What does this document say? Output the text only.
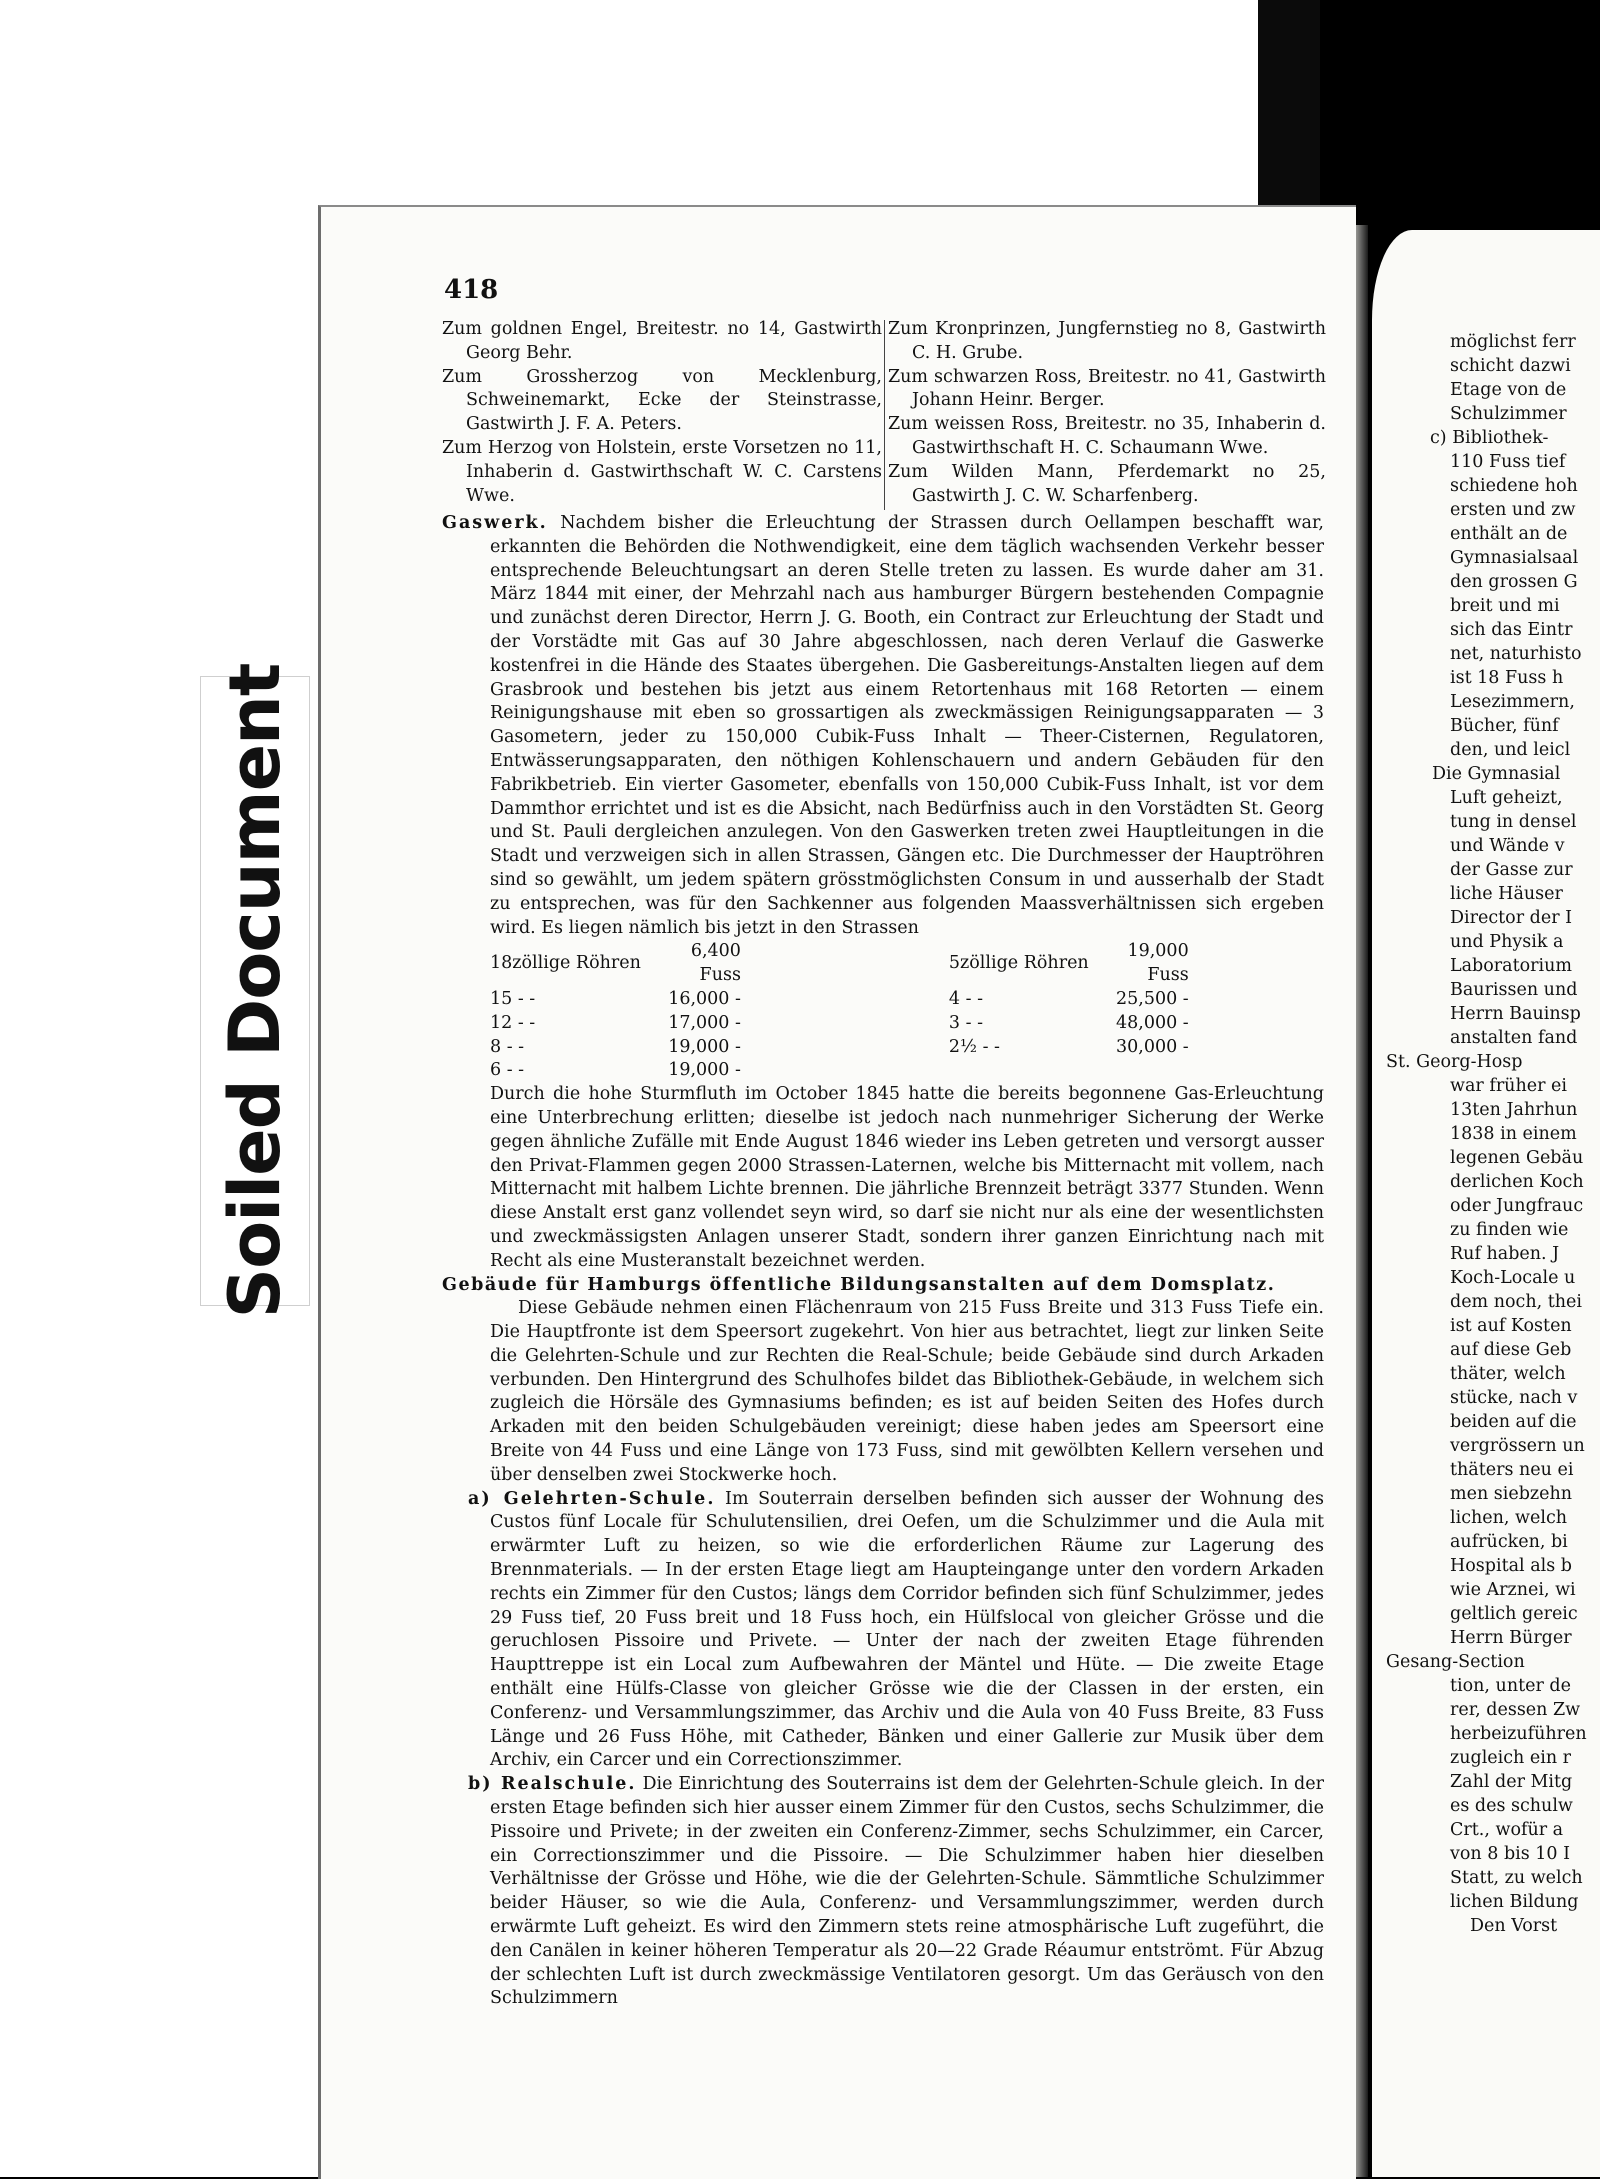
möglichst ferr

schicht dazwi

Etage von de

Schulzimmer

c) Bibliothek-

110 Fuss tief

schiedene hoh

ersten und zw

enthält an de

Gymnasialsaal

den grossen G

breit und mi

sich das Eintr

net, naturhisto

ist 18 Fuss h

Lesezimmern,

Bücher, fünf

den, und leicl

Die Gymnasial

Luft geheizt,

tung in densel

und Wände v

der Gasse zur

liche Häuser

Director der I

und Physik a

Laboratorium

Baurissen und

Herrn Bauinsp

anstalten fand

St. Georg-Hosp

war früher ei

13ten Jahrhun

1838 in einem

legenen Gebäu

derlichen Koch

oder Jungfrauc

zu finden wie

Ruf haben. J

Koch-Locale u

dem noch, thei

ist auf Kosten

auf diese Geb

thäter, welch

stücke, nach v

beiden auf die

vergrössern un

thäters neu ei

men siebzehn

lichen, welch

aufrücken, bi

Hospital als b

wie Arznei, wi

geltlich gereic

Herrn Bürger

Gesang-Section

tion, unter de

rer, dessen Zw

herbeizuführen

zugleich ein r

Zahl der Mitg

es des schulw

Crt., wofür a

von 8 bis 10 I

Statt, zu welch

lichen Bildung

Den Vorst

Soiled Document
418

Zum goldnen Engel, Breitestr. no 14, Gastwirth Georg Behr.

Zum Grossherzog von Mecklenburg, Schweinemarkt, Ecke der Steinstrasse, Gastwirth J. F. A. Peters.

Zum Herzog von Holstein, erste Vorsetzen no 11, Inhaberin d. Gastwirthschaft W. C. Carstens Wwe.

Zum Kronprinzen, Jungfernstieg no 8, Gastwirth C. H. Grube.

Zum schwarzen Ross, Breitestr. no 41, Gastwirth Johann Heinr. Berger.

Zum weissen Ross, Breitestr. no 35, Inhaberin d. Gastwirthschaft H. C. Schaumann Wwe.

Zum Wilden Mann, Pferdemarkt no 25, Gastwirth J. C. W. Scharfenberg.

Gaswerk. Nachdem bisher die Erleuchtung der Strassen durch Oellampen beschafft war, erkannten die Behörden die Nothwendigkeit, eine dem täglich wachsenden Verkehr besser entsprechende Beleuchtungsart an deren Stelle treten zu lassen. Es wurde daher am 31. März 1844 mit einer, der Mehrzahl nach aus hamburger Bürgern bestehenden Compagnie und zunächst deren Director, Herrn J. G. Booth, ein Contract zur Erleuchtung der Stadt und der Vorstädte mit Gas auf 30 Jahre abgeschlossen, nach deren Verlauf die Gaswerke kostenfrei in die Hände des Staates übergehen. Die Gasbereitungs-Anstalten liegen auf dem Grasbrook und bestehen bis jetzt aus einem Retortenhaus mit 168 Retorten — einem Reinigungshause mit eben so grossartigen als zweckmässigen Reinigungsapparaten — 3 Gasometern, jeder zu 150,000 Cubik-Fuss Inhalt — Theer-Cisternen, Regulatoren, Entwässerungsapparaten, den nöthigen Kohlenschauern und andern Gebäuden für den Fabrikbetrieb. Ein vierter Gasometer, ebenfalls von 150,000 Cubik-Fuss Inhalt, ist vor dem Dammthor errichtet und ist es die Absicht, nach Bedürfniss auch in den Vorstädten St. Georg und St. Pauli dergleichen anzulegen. Von den Gaswerken treten zwei Hauptleitungen in die Stadt und verzweigen sich in allen Strassen, Gängen etc. Die Durchmesser der Hauptröhren sind so gewählt, um jedem spätern grösstmöglichsten Consum in und ausserhalb der Stadt zu entsprechen, was für den Sachkenner aus folgenden Maassverhältnissen sich ergeben wird. Es liegen nämlich bis jetzt in den Strassen

18zöllige Röhren	6,400 Fuss		5zöllige Röhren	19,000 Fuss
15 - -	16,000 -		4 - -	25,500 -
12 - -	17,000 -		3 - -	48,000 -
8 - -	19,000 -		2½ - -	30,000 -
6 - -	19,000 -			

Durch die hohe Sturmfluth im October 1845 hatte die bereits begonnene Gas-Erleuchtung eine Unterbrechung erlitten; dieselbe ist jedoch nach nunmehriger Sicherung der Werke gegen ähnliche Zufälle mit Ende August 1846 wieder ins Leben getreten und versorgt ausser den Privat-Flammen gegen 2000 Strassen-Laternen, welche bis Mitternacht mit vollem, nach Mitternacht mit halbem Lichte brennen. Die jährliche Brennzeit beträgt 3377 Stunden. Wenn diese Anstalt erst ganz vollendet seyn wird, so darf sie nicht nur als eine der wesentlichsten und zweckmässigsten Anlagen unserer Stadt, sondern ihrer ganzen Einrichtung nach mit Recht als eine Musteranstalt bezeichnet werden.

Gebäude für Hamburgs öffentliche Bildungsanstalten auf dem Domsplatz.

Diese Gebäude nehmen einen Flächenraum von 215 Fuss Breite und 313 Fuss Tiefe ein. Die Hauptfronte ist dem Speersort zugekehrt. Von hier aus betrachtet, liegt zur linken Seite die Gelehrten-Schule und zur Rechten die Real-Schule; beide Gebäude sind durch Arkaden verbunden. Den Hintergrund des Schulhofes bildet das Bibliothek-Gebäude, in welchem sich zugleich die Hörsäle des Gymnasiums befinden; es ist auf beiden Seiten des Hofes durch Arkaden mit den beiden Schulgebäuden vereinigt; diese haben jedes am Speersort eine Breite von 44 Fuss und eine Länge von 173 Fuss, sind mit gewölbten Kellern versehen und über denselben zwei Stockwerke hoch.

a) Gelehrten-Schule. Im Souterrain derselben befinden sich ausser der Wohnung des Custos fünf Locale für Schulutensilien, drei Oefen, um die Schulzimmer und die Aula mit erwärmter Luft zu heizen, so wie die erforderlichen Räume zur Lagerung des Brennmaterials. — In der ersten Etage liegt am Haupteingange unter den vordern Arkaden rechts ein Zimmer für den Custos; längs dem Corridor befinden sich fünf Schulzimmer, jedes 29 Fuss tief, 20 Fuss breit und 18 Fuss hoch, ein Hülfslocal von gleicher Grösse und die geruchlosen Pissoire und Privete. — Unter der nach der zweiten Etage führenden Haupttreppe ist ein Local zum Aufbewahren der Mäntel und Hüte. — Die zweite Etage enthält eine Hülfs-Classe von gleicher Grösse wie die der Classen in der ersten, ein Conferenz- und Versammlungszimmer, das Archiv und die Aula von 40 Fuss Breite, 83 Fuss Länge und 26 Fuss Höhe, mit Catheder, Bänken und einer Gallerie zur Musik über dem Archiv, ein Carcer und ein Correctionszimmer.

b) Realschule. Die Einrichtung des Souterrains ist dem der Gelehrten-Schule gleich. In der ersten Etage befinden sich hier ausser einem Zimmer für den Custos, sechs Schulzimmer, die Pissoire und Privete; in der zweiten ein Conferenz-Zimmer, sechs Schulzimmer, ein Carcer, ein Correctionszimmer und die Pissoire. — Die Schulzimmer haben hier dieselben Verhältnisse der Grösse und Höhe, wie die der Gelehrten-Schule. Sämmtliche Schulzimmer beider Häuser, so wie die Aula, Conferenz- und Versammlungszimmer, werden durch erwärmte Luft geheizt. Es wird den Zimmern stets reine atmosphärische Luft zugeführt, die den Canälen in keiner höheren Temperatur als 20—22 Grade Réaumur entströmt. Für Abzug der schlechten Luft ist durch zweckmässige Ventilatoren gesorgt. Um das Geräusch von den Schulzimmern
